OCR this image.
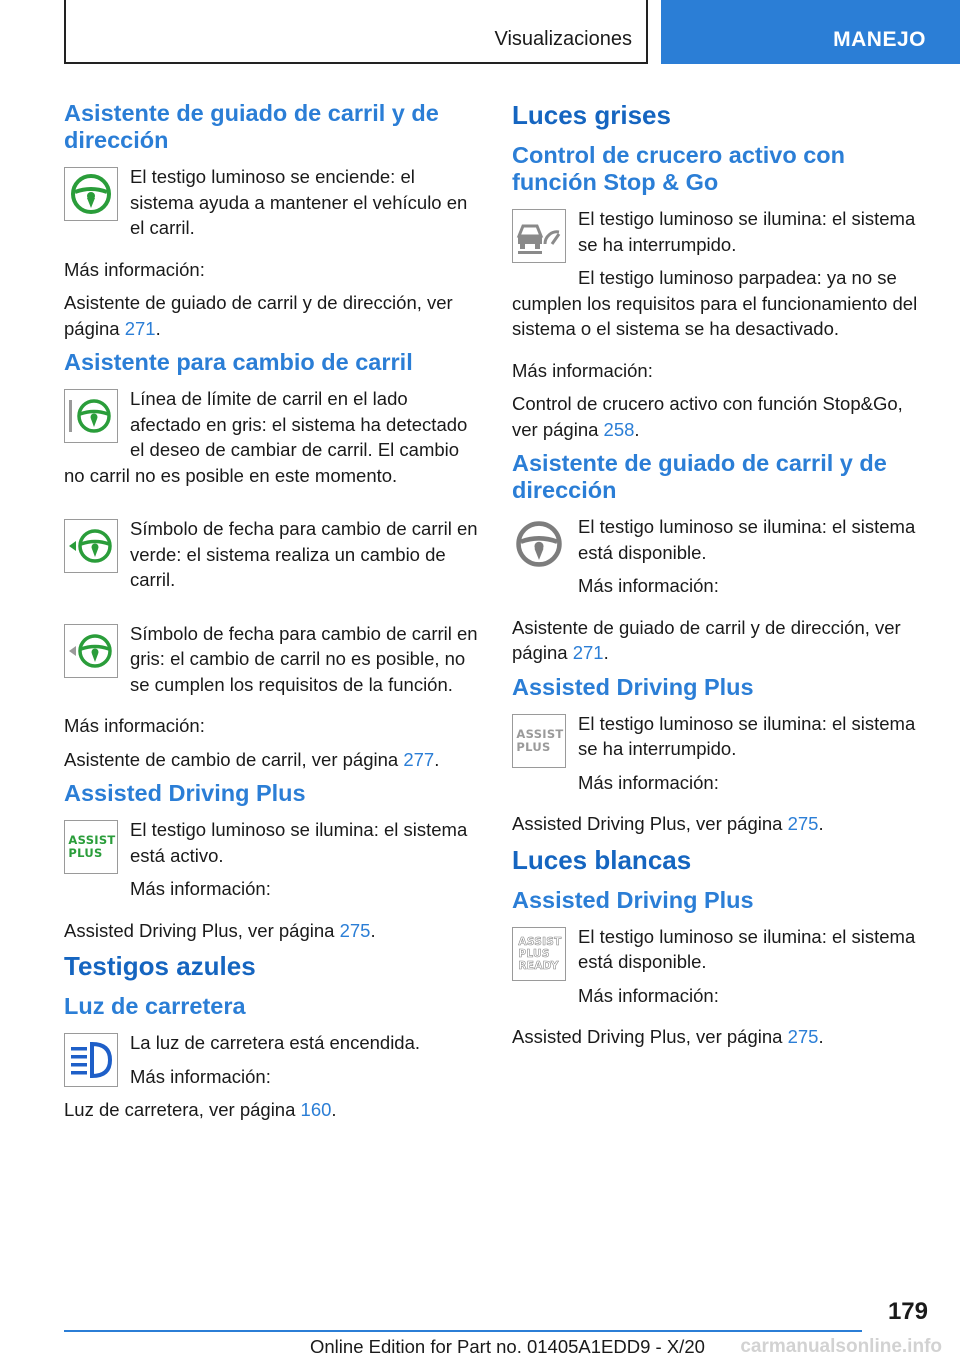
Visualizaciones	MANEJO
Asistente de guiado de carril y de dirección

El testigo luminoso se enciende: el sistema ayuda a mantener el vehículo en el carril.

Más información:

Asistente de guiado de carril y de dirección, ver página 271.

Asistente para cambio de carril

Línea de límite de carril en el lado afectado en gris: el sistema ha detectado el deseo de cambiar de carril. El cambio no carril no es posible en este momento.

Símbolo de fecha para cambio de carril en verde: el sistema realiza un cambio de carril.

Símbolo de fecha para cambio de carril en gris: el cambio de carril no es posible, no se cumplen los requisitos de la función.

Más información:

Asistente de cambio de carril, ver página 277.

Assisted Driving Plus
ASSIST
PLUS

El testigo luminoso se ilumina: el sistema está activo.

Más información:

Assisted Driving Plus, ver página 275.

Testigos azules
Luz de carretera

La luz de carretera está encendida.

Más información:

Luz de carretera, ver página 160.

Luces grises
Control de crucero activo con función Stop & Go

El testigo luminoso se ilumina: el sistema se ha interrumpido.

El testigo luminoso parpadea: ya no se cumplen los requisitos para el funcionamiento del sistema o el sistema se ha desactivado.

Más información:

Control de crucero activo con función Stop&Go, ver página 258.

Asistente de guiado de carril y de dirección

El testigo luminoso se ilumina: el sistema está disponible.

Más información:

Asistente de guiado de carril y de dirección, ver página 271.

Assisted Driving Plus
ASSIST
PLUS

El testigo luminoso se ilumina: el sistema se ha interrumpido.

Más información:

Assisted Driving Plus, ver página 275.

Luces blancas
Assisted Driving Plus
ASSIST
PLUS
READY

El testigo luminoso se ilumina: el sistema está disponible.

Más información:

Assisted Driving Plus, ver página 275.

179
Online Edition for Part no. 01405A1EDD9 - X/20 carmanualsonline.info
